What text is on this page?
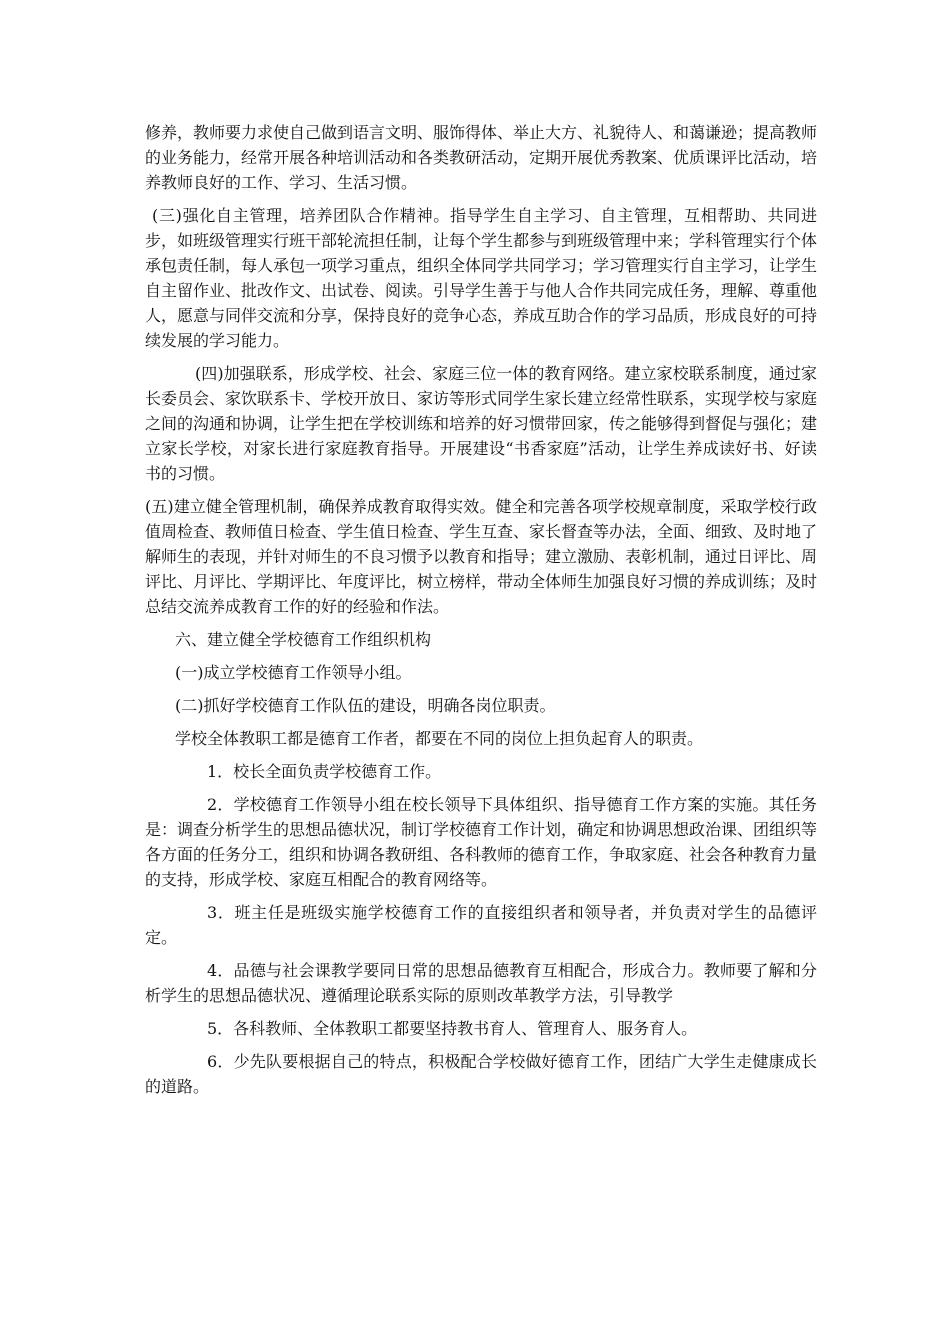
修养，教师要力求使自己做到语言文明、服饰得体、举止大方、礼貌待人、和蔼谦逊；提高教师的业务能力，经常开展各种培训活动和各类教研活动，定期开展优秀教案、优质课评比活动，培养教师良好的工作、学习、生活习惯。

(三)强化自主管理，培养团队合作精神。指导学生自主学习、自主管理，互相帮助、共同进步，如班级管理实行班干部轮流担任制，让每个学生都参与到班级管理中来；学科管理实行个体承包责任制，每人承包一项学习重点，组织全体同学共同学习；学习管理实行自主学习，让学生自主留作业、批改作文、出试卷、阅读。引导学生善于与他人合作共同完成任务，理解、尊重他人，愿意与同伴交流和分享，保持良好的竞争心态，养成互助合作的学习品质，形成良好的可持续发展的学习能力。

(四)加强联系，形成学校、社会、家庭三位一体的教育网络。建立家校联系制度，通过家长委员会、家饮联系卡、学校开放日、家访等形式同学生家长建立经常性联系，实现学校与家庭之间的沟通和协调，让学生把在学校训练和培养的好习惯带回家，传之能够得到督促与强化；建立家长学校，对家长进行家庭教育指导。开展建设“书香家庭”活动，让学生养成读好书、好读书的习惯。

(五)建立健全管理机制，确保养成教育取得实效。健全和完善各项学校规章制度，采取学校行政值周检查、教师值日检查、学生值日检查、学生互查、家长督查等办法，全面、细致、及时地了解师生的表现，并针对师生的不良习惯予以教育和指导；建立激励、表彰机制，通过日评比、周评比、月评比、学期评比、年度评比，树立榜样，带动全体师生加强良好习惯的养成训练；及时总结交流养成教育工作的好的经验和作法。

六、建立健全学校德育工作组织机构

(一)成立学校德育工作领导小组。

(二)抓好学校德育工作队伍的建设，明确各岗位职责。

学校全体教职工都是德育工作者，都要在不同的岗位上担负起育人的职责。

1．校长全面负责学校德育工作。

2．学校德育工作领导小组在校长领导下具体组织、指导德育工作方案的实施。其任务是：调查分析学生的思想品德状况，制订学校德育工作计划，确定和协调思想政治课、团组织等各方面的任务分工，组织和协调各教研组、各科教师的德育工作，争取家庭、社会各种教育力量的支持，形成学校、家庭互相配合的教育网络等。

3．班主任是班级实施学校德育工作的直接组织者和领导者，并负责对学生的品德评定。

4．品德与社会课教学要同日常的思想品德教育互相配合，形成合力。教师要了解和分析学生的思想品德状况、遵循理论联系实际的原则改革教学方法，引导教学

5．各科教师、全体教职工都要坚持教书育人、管理育人、服务育人。

6．少先队要根据自己的特点，积极配合学校做好德育工作，团结广大学生走健康成长的道路。
